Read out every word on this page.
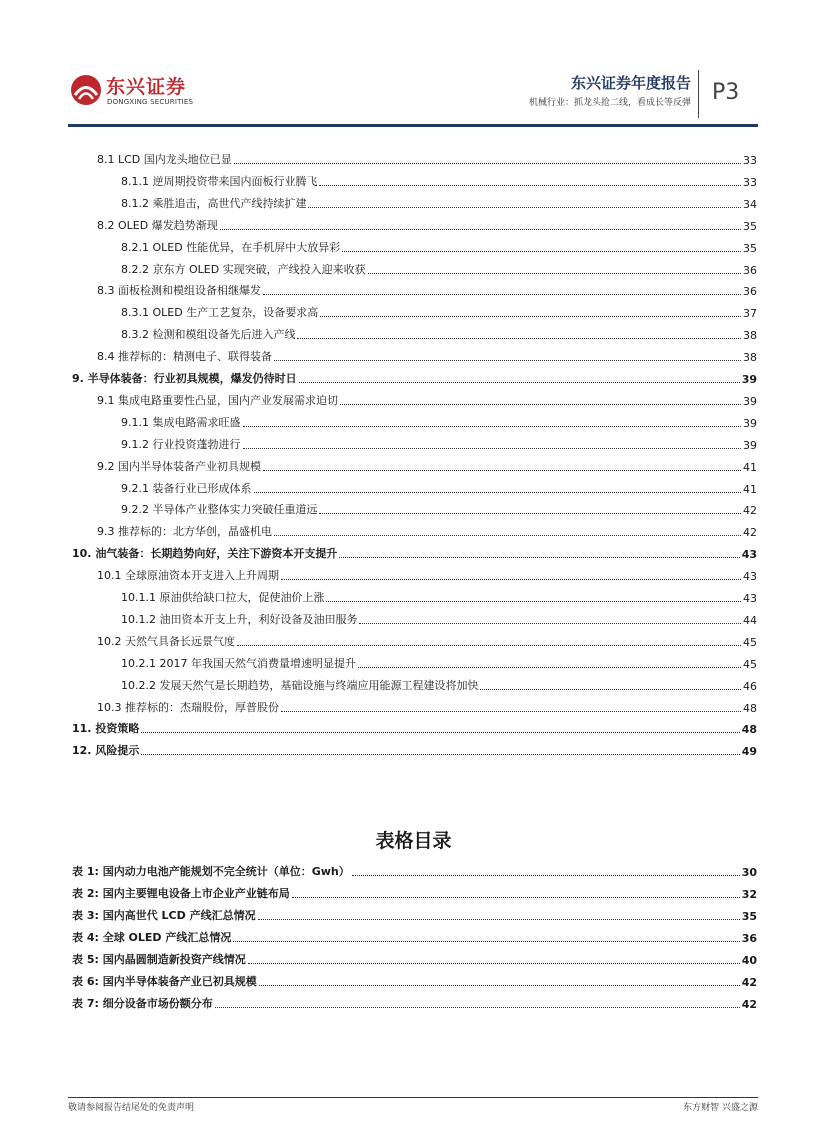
东兴证券
DONGXING SECURITIES
东兴证券年度报告
机械行业：抓龙头抢二线，看成长等反弹 P3
8.1 LCD 国内龙头地位已显	33
8.1.1 逆周期投资带来国内面板行业腾飞	33
8.1.2 乘胜追击，高世代产线持续扩建	34
8.2 OLED 爆发趋势渐现	35
8.2.1 OLED 性能优异，在手机屏中大放异彩	35
8.2.2 京东方 OLED 实现突破，产线投入迎来收获	36
8.3 面板检测和模组设备相继爆发	36
8.3.1 OLED 生产工艺复杂，设备要求高	37
8.3.2 检测和模组设备先后进入产线	38
8.4 推荐标的：精测电子、联得装备	38
9. 半导体装备：行业初具规模，爆发仍待时日	39
9.1 集成电路重要性凸显，国内产业发展需求迫切	39
9.1.1 集成电路需求旺盛	39
9.1.2 行业投资蓬勃进行	39
9.2 国内半导体装备产业初具规模	41
9.2.1 装备行业已形成体系	41
9.2.2 半导体产业整体实力突破任重道远	42
9.3 推荐标的：北方华创，晶盛机电	42
10. 油气装备：长期趋势向好，关注下游资本开支提升	43
10.1 全球原油资本开支进入上升周期	43
10.1.1 原油供给缺口拉大，促使油价上涨	43
10.1.2 油田资本开支上升，利好设备及油田服务	44
10.2 天然气具备长远景气度	45
10.2.1 2017 年我国天然气消费量增速明显提升	45
10.2.2 发展天然气是长期趋势，基础设施与终端应用能源工程建设将加快	46
10.3 推荐标的：杰瑞股份，厚普股份	48
11. 投资策略	48
12. 风险提示	49
表格目录
表 1: 国内动力电池产能规划不完全统计（单位：Gwh）	30
表 2: 国内主要锂电设备上市企业产业链布局	32
表 3: 国内高世代 LCD 产线汇总情况	35
表 4: 全球 OLED 产线汇总情况	36
表 5: 国内晶圆制造新投资产线情况	40
表 6: 国内半导体装备产业已初具规模	42
表 7: 细分设备市场份额分布	42
敬请参阅报告结尾处的免责声明	东方财智 兴盛之源
